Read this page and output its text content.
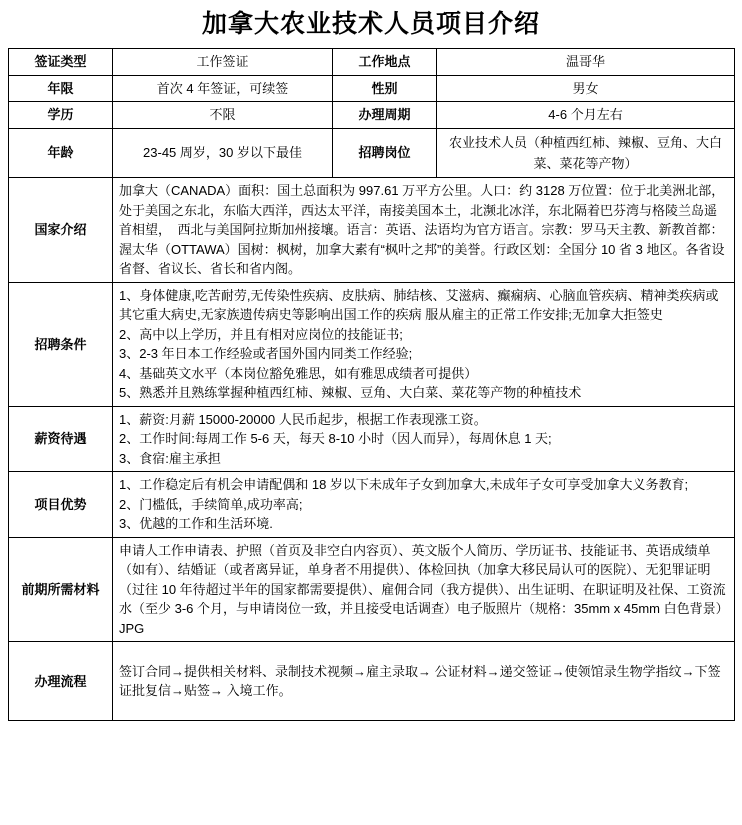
加拿大农业技术人员项目介绍
签证类型	工作签证	工作地点	温哥华
年限	首次 4 年签证，可续签	性别	男女
学历	不限	办理周期	4-6 个月左右
年龄	23-45 周岁，30 岁以下最佳	招聘岗位	农业技术人员（种植西红柿、辣椒、豆角、大白菜、菜花等产物）
国家介绍	加拿大（CANADA）面积：国土总面积为 997.61 万平方公里。人口：约 3128 万位置：位于北美洲北部，处于美国之东北，东临大西洋，西达太平洋，南接美国本土，北濒北冰洋，东北隔着巴芬湾与格陵兰岛遥首相望，　西北与美国阿拉斯加州接壤。语言：英语、法语均为官方语言。宗教：罗马天主教、新教首都：渥太华（OTTAWA）国树：枫树，加拿大素有“枫叶之邦”的美誉。行政区划：全国分 10 省 3 地区。各省设省督、省议长、省长和省内阁。		
招聘条件	1、身体健康,吃苦耐劳,无传染性疾病、皮肤病、肺结核、艾滋病、癫痫病、心脑血管疾病、精神类疾病或其它重大病史,无家族遗传病史等影响出国工作的疾病 服从雇主的正常工作安排;无加拿大拒签史
2、高中以上学历，并且有相对应岗位的技能证书;
3、2-3 年日本工作经验或者国外国内同类工作经验;
4、基础英文水平（本岗位豁免雅思，如有雅思成绩者可提供）
5、熟悉并且熟练掌握种植西红柿、辣椒、豆角、大白菜、菜花等产物的种植技术		

薪资待遇	1、薪资:月薪 15000-20000 人民币起步，根据工作表现涨工资。
2、工作时间:每周工作 5-6 天，每天 8-10 小时（因人而异），每周休息 1 天;
3、食宿:雇主承担		

项目优势	1、工作稳定后有机会申请配偶和 18 岁以下未成年子女到加拿大,未成年子女可享受加拿大义务教育;
2、门槛低，手续简单,成功率高;
3、优越的工作和生活环境.		

前期所需材料	申请人工作申请表、护照（首页及非空白内容页）、英文版个人简历、学历证书、技能证书、英语成绩单（如有）、结婚证（或者离异证，单身者不用提供）、体检回执（加拿大移民局认可的医院）、无犯罪证明（过往 10 年待超过半年的国家都需要提供）、雇佣合同（我方提供）、出生证明、在职证明及社保、工资流水（至少 3-6 个月，与申请岗位一致，并且接受电话调查）电子版照片（规格：35mm x 45mm 白色背景）JPG		
办理流程	签订合同→提供相关材料、录制技术视频→雇主录取→ 公证材料→递交签证→使领馆录生物学指纹→下签证批复信→贴签→ 入境工作。		
